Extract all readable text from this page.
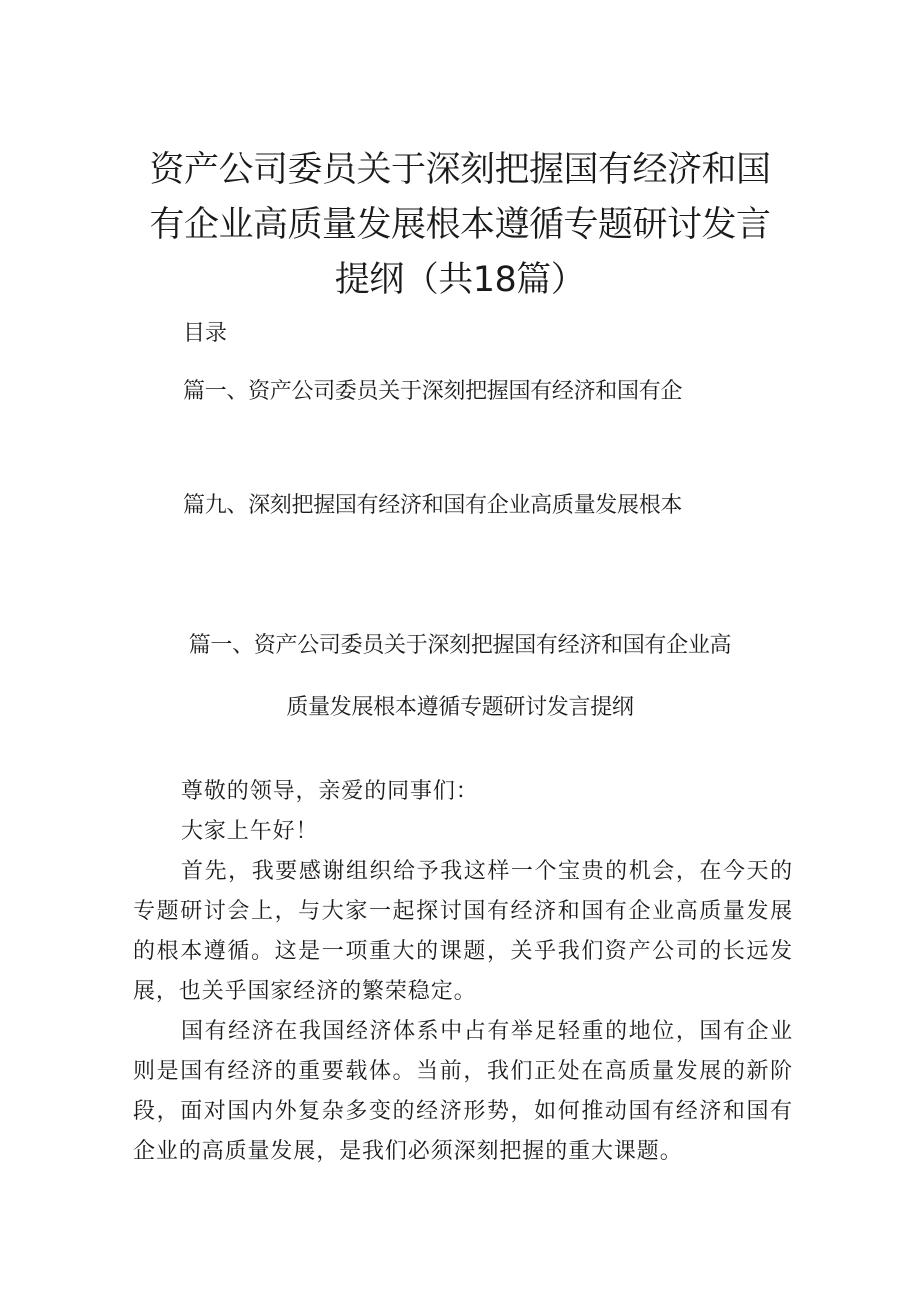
资产公司委员关于深刻把握国有经济和国
有企业高质量发展根本遵循专题研讨发言
提纲（共18篇）
目录
篇一、资产公司委员关于深刻把握国有经济和国有企
篇九、深刻把握国有经济和国有企业高质量发展根本
篇一、资产公司委员关于深刻把握国有经济和国有企业高
质量发展根本遵循专题研讨发言提纲

尊敬的领导，亲爱的同事们：

大家上午好！

首先，我要感谢组织给予我这样一个宝贵的机会，在今天的专题研讨会上，与大家一起探讨国有经济和国有企业高质量发展的根本遵循。这是一项重大的课题，关乎我们资产公司的长远发展，也关乎国家经济的繁荣稳定。

国有经济在我国经济体系中占有举足轻重的地位，国有企业则是国有经济的重要载体。当前，我们正处在高质量发展的新阶段，面对国内外复杂多变的经济形势，如何推动国有经济和国有企业的高质量发展，是我们必须深刻把握的重大课题。
